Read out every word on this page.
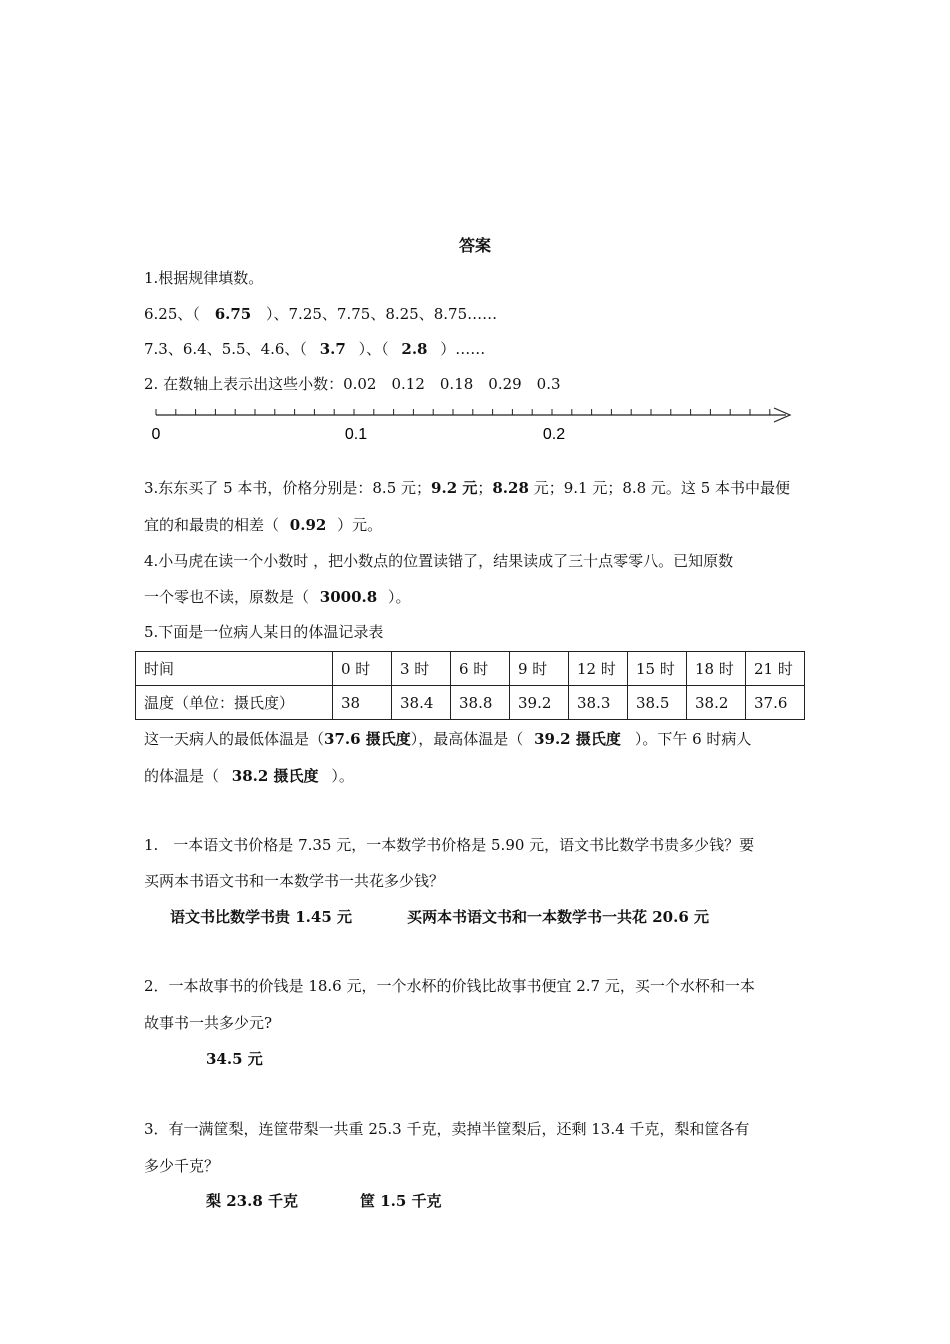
答案
1.根据规律填数。
6.25、（ 6.75 ）、7.25、7.75、8.25、8.75……
7.3、6.4、5.5、4.6、（ 3.7 ）、（ 2.8 ）……
2. 在数轴上表示出这些小数：0.02　0.12　0.18　0.29　0.3
0	0.1	0.2
3.东东买了 5 本书，价格分别是：8.5 元；9.2 元；8.28 元；9.1 元；8.8 元。这 5 本书中最便
宜的和最贵的相差（ 0.92 ）元。
4.小马虎在读一个小数时 ，把小数点的位置读错了，结果读成了三十点零零八。已知原数
一个零也不读，原数是（ 3000.8 ）。
5.下面是一位病人某日的体温记录表
时间	0 时	3 时	6 时	9 时	12 时	15 时	18 时	21 时
温度（单位：摄氏度）	38	38.4	38.8	39.2	38.3	38.5	38.2	37.6
这一天病人的最低体温是（37.6 摄氏度），最高体温是（ 39.2 摄氏度 ）。下午 6 时病人
的体温是（ 38.2 摄氏度 ）。
1.　一本语文书价格是 7.35 元，一本数学书价格是 5.90 元，语文书比数学书贵多少钱？要
买两本书语文书和一本数学书一共花多少钱？
语文书比数学书贵 1.45 元	买两本书语文书和一本数学书一共花 20.6 元
2．一本故事书的价钱是 18.6 元，一个水杯的价钱比故事书便宜 2.7 元，买一个水杯和一本
故事书一共多少元?
34.5 元
3．有一满筐梨，连筐带梨一共重 25.3 千克，卖掉半筐梨后，还剩 13.4 千克，梨和筐各有
多少千克？
梨 23.8 千克	筐 1.5 千克
